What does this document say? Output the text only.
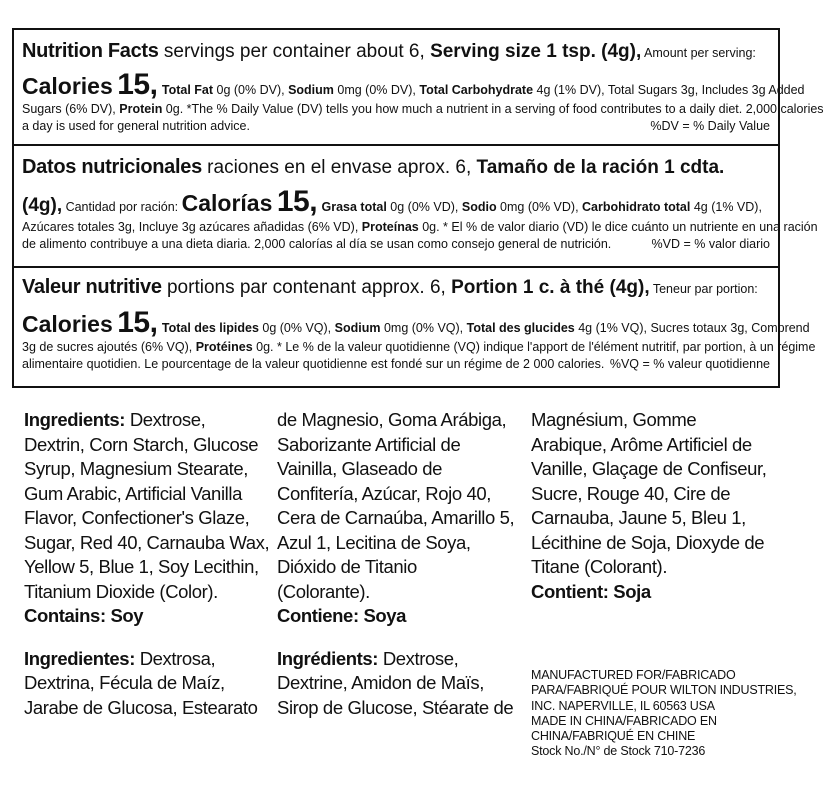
Nutrition Facts servings per container about 6, Serving size 1 tsp. (4g), Amount per serving:
Calories 15, Total Fat 0g (0% DV), Sodium 0mg (0% DV), Total Carbohydrate 4g (1% DV), Total Sugars 3g, Includes 3g Added
Sugars (6% DV), Protein 0g. *The % Daily Value (DV) tells you how much a nutrient in a serving of food contributes to a daily diet. 2,000 calories
a day is used for general nutrition advice.	%DV = % Daily Value
Datos nutricionales raciones en el envase aprox. 6, Tamaño de la ración 1 cdta.
(4g), Cantidad por ración: Calorías 15, Grasa total 0g (0% VD), Sodio 0mg (0% VD), Carbohidrato total 4g (1% VD),
Azúcares totales 3g, Incluye 3g azúcares añadidas (6% VD), Proteínas 0g. * El % de valor diario (VD) le dice cuánto un nutriente en una ración
de alimento contribuye a una dieta diaria. 2,000 calorías al día se usan como consejo general de nutrición.	%VD = % valor diario
Valeur nutritive portions par contenant approx. 6, Portion 1 c. à thé (4g), Teneur par portion:
Calories 15, Total des lipides 0g (0% VQ), Sodium 0mg (0% VQ), Total des glucides 4g (1% VQ), Sucres totaux 3g, Comprend
3g de sucres ajoutés (6% VQ), Protéines 0g. * Le % de la valeur quotidienne (VQ) indique l'apport de l'élément nutritif, par portion, à un régime
alimentaire quotidien. Le pourcentage de la valeur quotidienne est fondé sur un régime de 2 000 calories. %VQ = % valeur quotidienne
Ingredients: Dextrose,
Dextrin, Corn Starch, Glucose
Syrup, Magnesium Stearate,
Gum Arabic, Artificial Vanilla
Flavor, Confectioner's Glaze,
Sugar, Red 40, Carnauba Wax,
Yellow 5, Blue 1, Soy Lecithin,
Titanium Dioxide (Color).
Contains: Soy
Ingredientes: Dextrosa,
Dextrina, Fécula de Maíz,
Jarabe de Glucosa, Estearato
de Magnesio, Goma Arábiga,
Saborizante Artificial de
Vainilla, Glaseado de
Confitería, Azúcar, Rojo 40,
Cera de Carnaúba, Amarillo 5,
Azul 1, Lecitina de Soya,
Dióxido de Titanio
(Colorante).
Contiene: Soya
Ingrédients: Dextrose,
Dextrine, Amidon de Maïs,
Sirop de Glucose, Stéarate de
Magnésium, Gomme
Arabique, Arôme Artificiel de
Vanille, Glaçage de Confiseur,
Sucre, Rouge 40, Cire de
Carnauba, Jaune 5, Bleu 1,
Lécithine de Soja, Dioxyde de
Titane (Colorant).
Contient: Soja
MANUFACTURED FOR/FABRICADO
PARA/FABRIQUÉ POUR WILTON INDUSTRIES,
INC. NAPERVILLE, IL 60563 USA
MADE IN CHINA/FABRICADO EN
CHINA/FABRIQUÉ EN CHINE
Stock No./N° de Stock 710-7236
